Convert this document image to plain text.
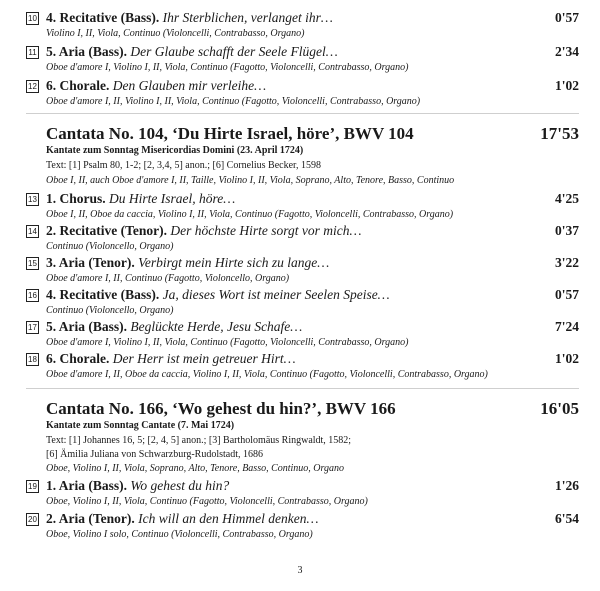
10 4. Recitative (Bass). Ihr Sterblichen, verlanget ihr…	0'57
Violino I, II, Viola, Continuo (Violoncelli, Contrabasso, Organo)
11 5. Aria (Bass). Der Glaube schafft der Seele Flügel…	2'34
Oboe d'amore I, Violino I, II, Viola, Continuo (Fagotto, Violoncelli, Contrabasso, Organo)
12 6. Chorale. Den Glauben mir verleihe…	1'02
Oboe d'amore I, II, Violino I, II, Viola, Continuo (Fagotto, Violoncelli, Contrabasso, Organo)
Cantata No. 104, ‘Du Hirte Israel, höre’, BWV 104	17'53
Kantate zum Sonntag Misericordias Domini (23. April 1724)
Text: [1] Psalm 80, 1-2; [2, 3,4, 5] anon.; [6] Cornelius Becker, 1598
Oboe I, II, auch Oboe d'amore I, II, Taille, Violino I, II, Viola, Soprano, Alto, Tenore, Basso, Continuo
13 1. Chorus. Du Hirte Israel, höre…	4'25
Oboe I, II, Oboe da caccia, Violino I, II, Viola, Continuo (Fagotto, Violoncelli, Contrabasso, Organo)
14 2. Recitative (Tenor). Der höchste Hirte sorgt vor mich…	0'37
Continuo (Violoncello, Organo)
15 3. Aria (Tenor). Verbirgt mein Hirte sich zu lange…	3'22
Oboe d'amore I, II, Continuo (Fagotto, Violoncello, Organo)
16 4. Recitative (Bass). Ja, dieses Wort ist meiner Seelen Speise…	0'57
Continuo (Violoncello, Organo)
17 5. Aria (Bass). Beglückte Herde, Jesu Schafe…	7'24
Oboe d'amore I, Violino I, II, Viola, Continuo (Fagotto, Violoncelli, Contrabasso, Organo)
18 6. Chorale. Der Herr ist mein getreuer Hirt…	1'02
Oboe d'amore I, II, Oboe da caccia, Violino I, II, Viola, Continuo (Fagotto, Violoncelli, Contrabasso, Organo)
Cantata No. 166, ‘Wo gehest du hin?’, BWV 166	16'05
Kantate zum Sonntag Cantate (7. Mai 1724)
Text: [1] Johannes 16, 5; [2, 4, 5] anon.; [3] Bartholomäus Ringwaldt, 1582;
[6] Ämilia Juliana von Schwarzburg-Rudolstadt, 1686
Oboe, Violino I, II, Viola, Soprano, Alto, Tenore, Basso, Continuo, Organo
19 1. Aria (Bass). Wo gehest du hin?	1'26
Oboe, Violino I, II, Viola, Continuo (Fagotto, Violoncelli, Contrabasso, Organo)
20 2. Aria (Tenor). Ich will an den Himmel denken…	6'54
Oboe, Violino I solo, Continuo (Violoncelli, Contrabasso, Organo)
3
